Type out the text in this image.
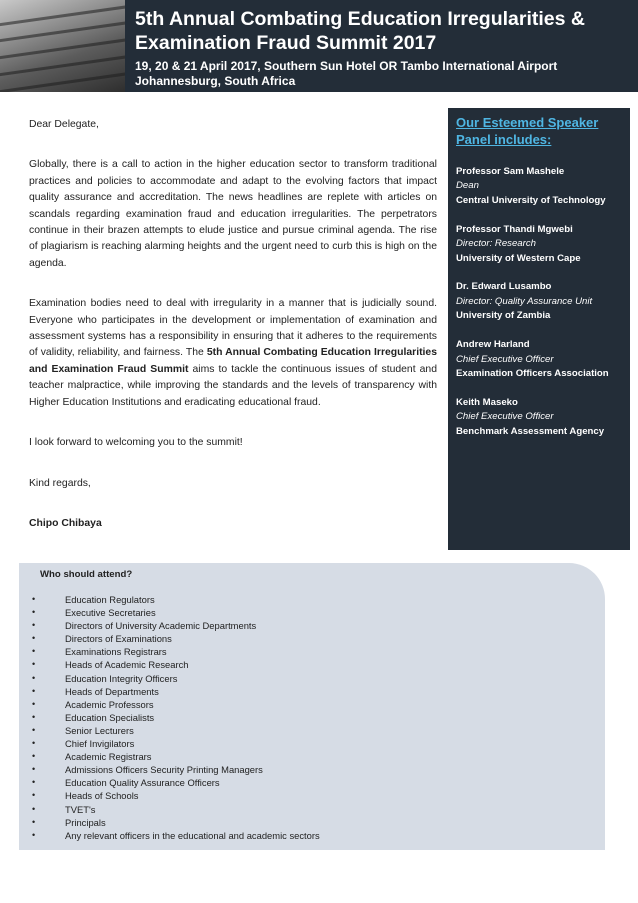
5th Annual Combating Education Irregularities & Examination Fraud Summit 2017
19, 20 & 21 April 2017, Southern Sun Hotel OR Tambo International Airport Johannesburg, South Africa

Dear Delegate,

Globally, there is a call to action in the higher education sector to transform traditional practices and policies to accommodate and adapt to the evolving factors that impact quality assurance and accreditation. The news headlines are replete with articles on scandals regarding examination fraud and education irregularities. The perpetrators continue in their brazen attempts to elude justice and pursue criminal agenda. The rise of plagiarism is reaching alarming heights and the urgent need to curb this is high on the agenda.

Examination bodies need to deal with irregularity in a manner that is judicially sound. Everyone who participates in the development or implementation of examination and assessment systems has a responsibility in ensuring that it adheres to the requirements of validity, reliability, and fairness. The 5th Annual Combating Education Irregularities and Examination Fraud Summit aims to tackle the continuous issues of student and teacher malpractice, while improving the standards and the levels of transparency with Higher Education Institutions and eradicating educational fraud.

I look forward to welcoming you to the summit!

Kind regards,

Chipo Chibaya

Our Esteemed Speaker Panel includes:
Professor Sam Mashele
Dean
Central University of Technology
Professor Thandi Mgwebi
Director: Research
University of Western Cape
Dr. Edward Lusambo
Director: Quality Assurance Unit
University of Zambia
Andrew Harland
Chief Executive Officer
Examination Officers Association
Keith Maseko
Chief Executive Officer
Benchmark Assessment Agency
Who should attend?
•	Education Regulators
•	Executive Secretaries
•	Directors of University Academic Departments
•	Directors of Examinations
•	Examinations Registrars
•	Heads of Academic Research
•	Education Integrity Officers
•	Heads of Departments
•	Academic Professors
•	Education Specialists
•	Senior Lecturers
•	Chief Invigilators
•	Academic Registrars
•	Admissions Officers Security Printing Managers
•	Education Quality Assurance Officers
•	Heads of Schools
•	TVET's
•	Principals
•	Any relevant officers in the educational and academic sectors
